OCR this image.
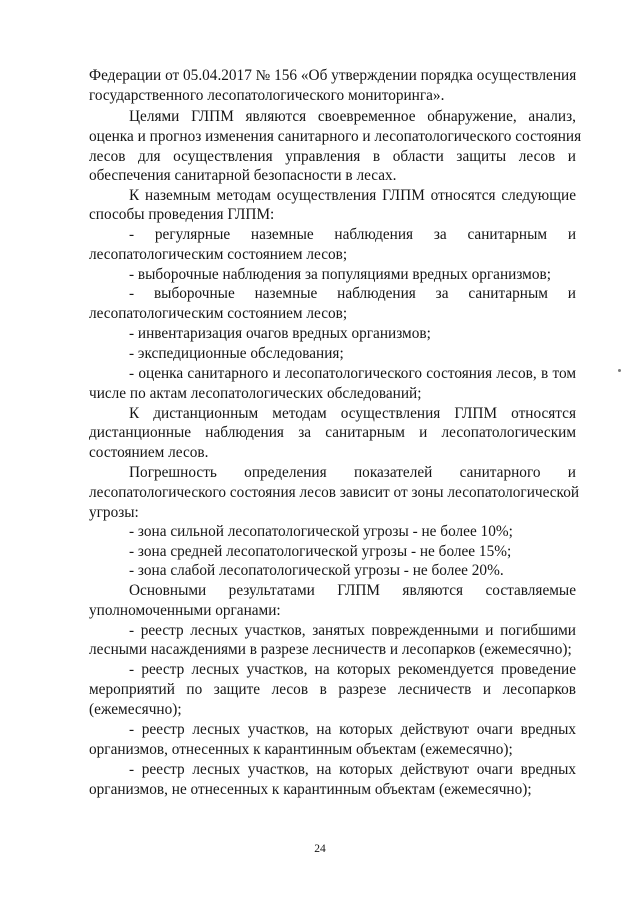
Федерации от 05.04.2017 № 156 «Об утверждении порядка осуществления
государственного лесопатологического мониторинга».
Целями ГЛПМ являются своевременное обнаружение, анализ,
оценка и прогноз изменения санитарного и лесопатологического состояния
лесов для осуществления управления в области защиты лесов и
обеспечения санитарной безопасности в лесах.
К наземным методам осуществления ГЛПМ относятся следующие
способы проведения ГЛПМ:
- регулярные наземные наблюдения за санитарным и
лесопатологическим состоянием лесов;
- выборочные наблюдения за популяциями вредных организмов;
- выборочные наземные наблюдения за санитарным и
лесопатологическим состоянием лесов;
- инвентаризация очагов вредных организмов;
- экспедиционные обследования;
- оценка санитарного и лесопатологического состояния лесов, в том
числе по актам лесопатологических обследований;
К дистанционным методам осуществления ГЛПМ относятся
дистанционные наблюдения за санитарным и лесопатологическим
состоянием лесов.
Погрешность определения показателей санитарного и
лесопатологического состояния лесов зависит от зоны лесопатологической
угрозы:
- зона сильной лесопатологической угрозы - не более 10%;
- зона средней лесопатологической угрозы - не более 15%;
- зона слабой лесопатологической угрозы - не более 20%.
Основными результатами ГЛПМ являются составляемые
уполномоченными органами:
- реестр лесных участков, занятых поврежденными и погибшими
лесными насаждениями в разрезе лесничеств и лесопарков (ежемесячно);
- реестр лесных участков, на которых рекомендуется проведение
мероприятий по защите лесов в разрезе лесничеств и лесопарков
(ежемесячно);
- реестр лесных участков, на которых действуют очаги вредных
организмов, отнесенных к карантинным объектам (ежемесячно);
- реестр лесных участков, на которых действуют очаги вредных
организмов, не отнесенных к карантинным объектам (ежемесячно);
24
